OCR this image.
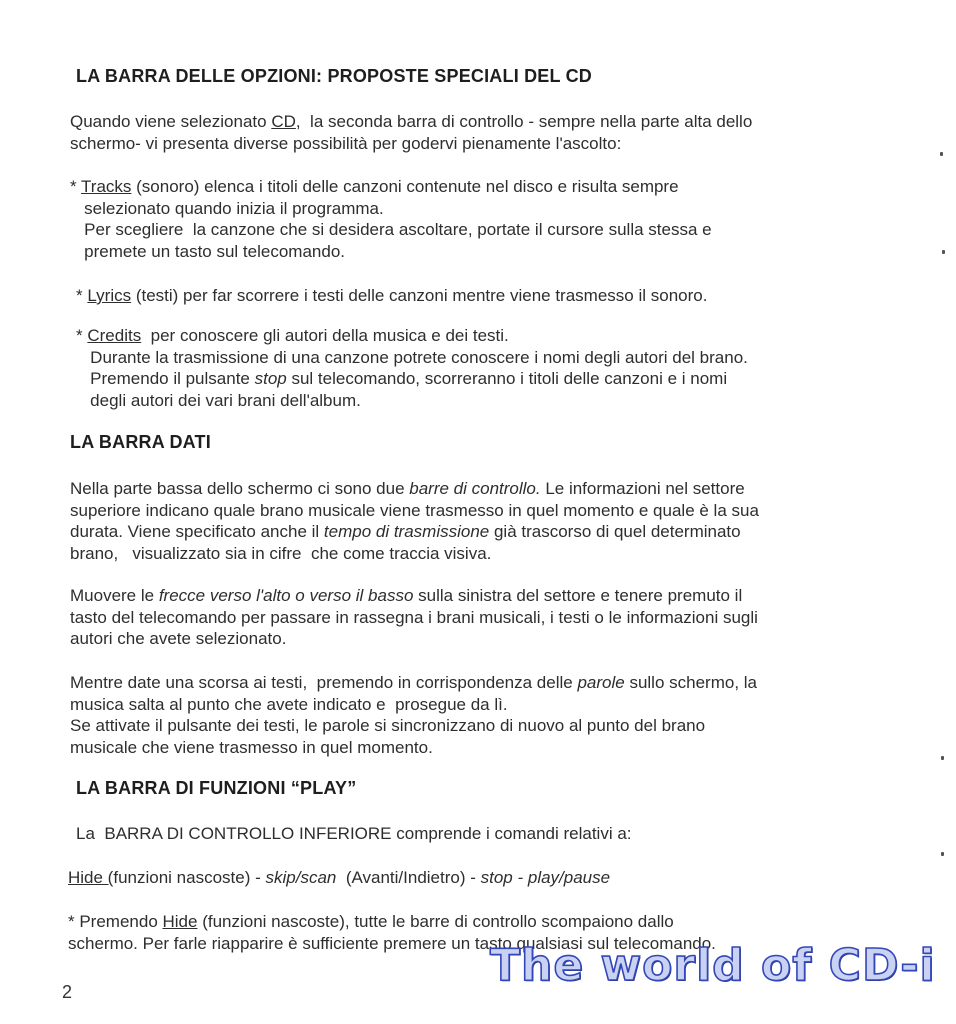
LA BARRA DELLE OPZIONI: PROPOSTE SPECIALI DEL CD

Quando viene selezionato CD,  la seconda barra di controllo - sempre nella parte alta dello
schermo- vi presenta diverse possibilità per godervi pienamente l'ascolto:

* Tracks (sonoro) elenca i titoli delle canzoni contenute nel disco e risulta sempre
selezionato quando inizia il programma.
Per scegliere  la canzone che si desidera ascoltare, portate il cursore sulla stessa e
premete un tasto sul telecomando.

* Lyrics (testi) per far scorrere i testi delle canzoni mentre viene trasmesso il sonoro.

* Credits  per conoscere gli autori della musica e dei testi.
Durante la trasmissione di una canzone potrete conoscere i nomi degli autori del brano.
Premendo il pulsante stop sul telecomando, scorreranno i titoli delle canzoni e i nomi
degli autori dei vari brani dell'album.

LA BARRA DATI

Nella parte bassa dello schermo ci sono due barre di controllo. Le informazioni nel settore
superiore indicano quale brano musicale viene trasmesso in quel momento e quale è la sua
durata. Viene specificato anche il tempo di trasmissione già trascorso di quel determinato
brano,   visualizzato sia in cifre  che come traccia visiva.

Muovere le frecce verso l'alto o verso il basso sulla sinistra del settore e tenere premuto il
tasto del telecomando per passare in rassegna i brani musicali, i testi o le informazioni sugli
autori che avete selezionato.

Mentre date una scorsa ai testi,  premendo in corrispondenza delle parole sullo schermo, la
musica salta al punto che avete indicato e  prosegue da lì.
Se attivate il pulsante dei testi, le parole si sincronizzano di nuovo al punto del brano
musicale che viene trasmesso in quel momento.

LA BARRA DI FUNZIONI “PLAY”

La  BARRA DI CONTROLLO INFERIORE comprende i comandi relativi a:

Hide (funzioni nascoste) - skip/scan  (Avanti/Indietro) - stop - play/pause

* Premendo Hide (funzioni nascoste), tutte le barre di controllo scompaiono dallo
schermo. Per farle riapparire è sufficiente premere un tasto qualsiasi sul telecomando.

2
The world of CD-i
